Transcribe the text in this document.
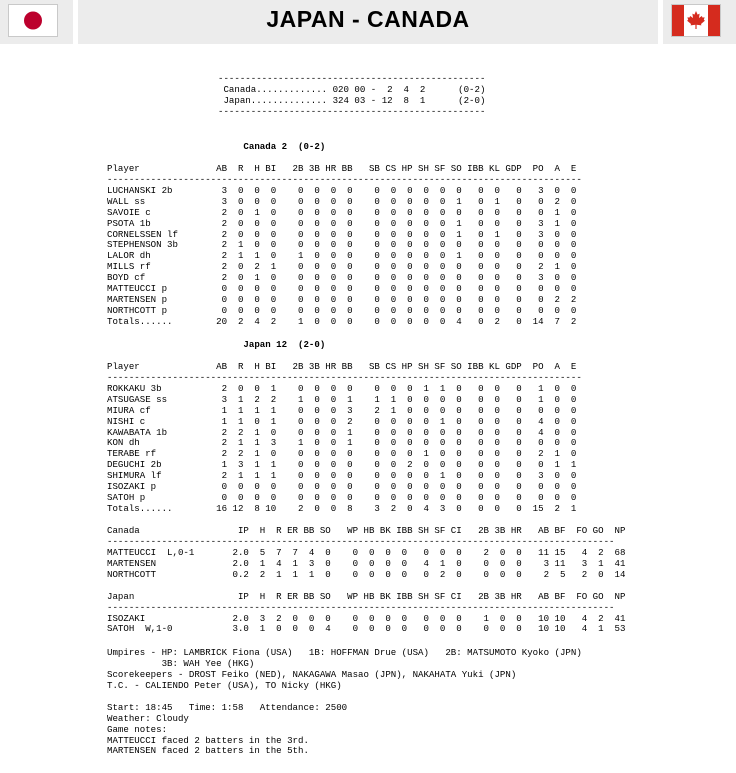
JAPAN - CANADA
-------------------------------------------------
Canada............. 020 00 -  2  4  2      (0-2)
Japan.............. 324 03 - 12  8  1      (2-0)
-------------------------------------------------
Canada 2  (0-2)

Player              AB  R  H BI   2B 3B HR BB   SB CS HP SH SF SO IBB KL GDP  PO  A  E
---------------------------------------------------------------------------------------
LUCHANSKI 2b         3  0  0  0    0  0  0  0    0  0  0  0  0  0   0  0   0   3  0  0
WALL ss              3  0  0  0    0  0  0  0    0  0  0  0  0  1   0  1   0   0  2  0
SAVOIE c             2  0  1  0    0  0  0  0    0  0  0  0  0  0   0  0   0   0  1  0
PSOTA 1b             2  0  0  0    0  0  0  0    0  0  0  0  0  1   0  0   0   3  1  0
CORNELSSEN lf        2  0  0  0    0  0  0  0    0  0  0  0  0  1   0  1   0   3  0  0
STEPHENSON 3b        2  1  0  0    0  0  0  0    0  0  0  0  0  0   0  0   0   0  0  0
LALOR dh             2  1  1  0    1  0  0  0    0  0  0  0  0  1   0  0   0   0  0  0
MILLS rf             2  0  2  1    0  0  0  0    0  0  0  0  0  0   0  0   0   2  1  0
BOYD cf              2  0  1  0    0  0  0  0    0  0  0  0  0  0   0  0   0   3  0  0
MATTEUCCI p          0  0  0  0    0  0  0  0    0  0  0  0  0  0   0  0   0   0  0  0
MARTENSEN p          0  0  0  0    0  0  0  0    0  0  0  0  0  0   0  0   0   0  2  2
NORTHCOTT p          0  0  0  0    0  0  0  0    0  0  0  0  0  0   0  0   0   0  0  0
Totals......        20  2  4  2    1  0  0  0    0  0  0  0  0  4   0  2   0  14  7  2
Japan 12  (2-0)

Player              AB  R  H BI   2B 3B HR BB   SB CS HP SH SF SO IBB KL GDP  PO  A  E
---------------------------------------------------------------------------------------
ROKKAKU 3b           2  0  0  1    0  0  0  0    0  0  0  1  1  0   0  0   0   1  0  0
ATSUGASE ss          3  1  2  2    1  0  0  1    1  1  0  0  0  0   0  0   0   1  0  0
MIURA cf             1  1  1  1    0  0  0  3    2  1  0  0  0  0   0  0   0   0  0  0
NISHI c              1  1  0  1    0  0  0  2    0  0  0  0  1  0   0  0   0   4  0  0
KAWABATA 1b          2  2  1  0    0  0  0  1    0  0  0  0  0  0   0  0   0   4  0  0
KON dh               2  1  1  3    1  0  0  1    0  0  0  0  0  0   0  0   0   0  0  0
TERABE rf            2  2  1  0    0  0  0  0    0  0  0  1  0  0   0  0   0   2  1  0
DEGUCHI 2b           1  3  1  1    0  0  0  0    0  0  2  0  0  0   0  0   0   0  1  1
SHIMURA lf           2  1  1  1    0  0  0  0    0  0  0  0  1  0   0  0   0   3  0  0
ISOZAKI p            0  0  0  0    0  0  0  0    0  0  0  0  0  0   0  0   0   0  0  0
SATOH p              0  0  0  0    0  0  0  0    0  0  0  0  0  0   0  0   0   0  0  0
Totals......        16 12  8 10    2  0  0  8    3  2  0  4  3  0   0  0   0  15  2  1
Canada                  IP  H  R ER BB SO   WP HB BK IBB SH SF CI   2B 3B HR   AB BF  FO GO  NP
---------------------------------------------------------------------------------------------
MATTEUCCI  L,0-1       2.0  5  7  7  4  0    0  0  0  0   0  0  0    2  0  0   11 15   4  2  68
MARTENSEN              2.0  1  4  1  3  0    0  0  0  0   4  1  0    0  0  0    3 11   3  1  41
NORTHCOTT              0.2  2  1  1  1  0    0  0  0  0   0  2  0    0  0  0    2  5   2  0  14

Japan                   IP  H  R ER BB SO   WP HB BK IBB SH SF CI   2B 3B HR   AB BF  FO GO  NP
---------------------------------------------------------------------------------------------
ISOZAKI                2.0  3  2  0  0  0    0  0  0  0   0  0  0    1  0  0   10 10   4  2  41
SATOH  W,1-0           3.0  1  0  0  0  4    0  0  0  0   0  0  0    0  0  0   10 10   4  1  53
Umpires - HP: LAMBRICK Fiona (USA)   1B: HOFFMAN Drue (USA)   2B: MATSUMOTO Kyoko (JPN)
3B: WAH Yee (HKG)
Scorekeepers - DROST Feiko (NED), NAKAGAWA Masao (JPN), NAKAHATA Yuki (JPN)
T.C. - CALIENDO Peter (USA), TO Nicky (HKG)

Start: 18:45   Time: 1:58   Attendance: 2500
Weather: Cloudy
Game notes:
MATTEUCCI faced 2 batters in the 3rd.
MARTENSEN faced 2 batters in the 5th.
